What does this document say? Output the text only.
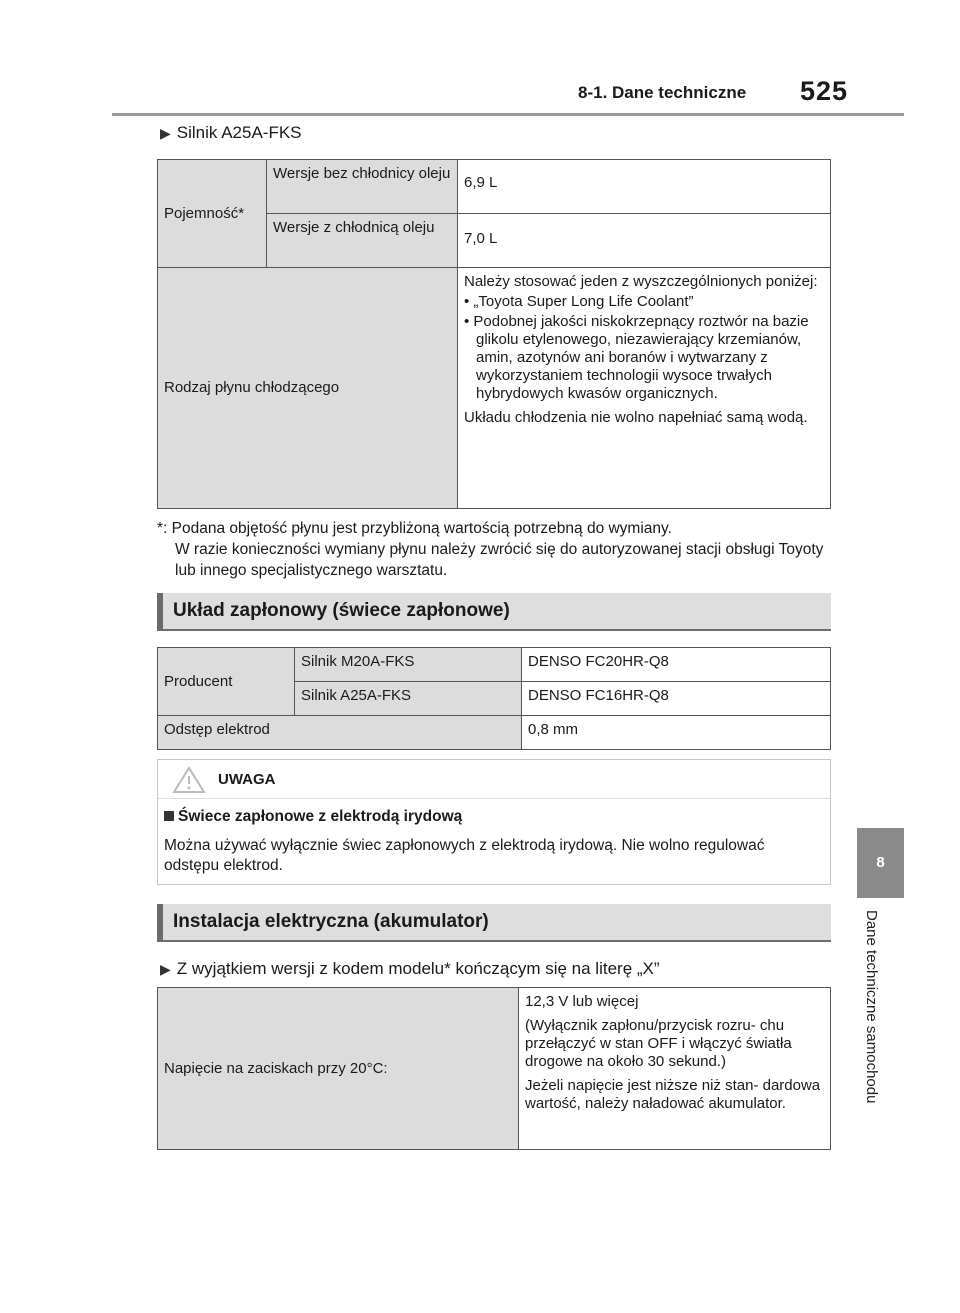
8-1. Dane techniczne 525
8
Dane techniczne samochodu
▶ Silnik A25A-FKS
Pojemność*	Wersje bez chłodnicy oleju	6,9 L
	Wersje z chłodnicą oleju	7,0 L
Rodzaj płynu chłodzącego		Należy stosować jeden z wyszczególnionych poniżej:

• „Toyota Super Long Life Coolant”

• Podobnej jakości niskokrzepnący roztwór na bazie glikolu etylenowego, niezawierający krzemianów, amin, azotynów ani boranów i wytwarzany z wykorzystaniem technologii wysoce trwałych hybrydowych kwasów organicznych.

Układu chłodzenia nie wolno napełniać samą wodą.

*: Podana objętość płynu jest przybliżoną wartością potrzebną do wymiany.
W razie konieczności wymiany płynu należy zwrócić się do autoryzowanej stacji obsługi Toyoty lub innego specjalistycznego warsztatu.
Układ zapłonowy (świece zapłonowe)
Producent	Silnik M20A-FKS	DENSO FC20HR-Q8
	Silnik A25A-FKS	DENSO FC16HR-Q8
Odstęp elektrod		0,8 mm
UWAGA
Świece zapłonowe z elektrodą irydową
Można używać wyłącznie świec zapłonowych z elektrodą irydową. Nie wolno regulować odstępu elektrod.
Instalacja elektryczna (akumulator)
▶ Z wyjątkiem wersji z kodem modelu* kończącym się na literę „X”
Napięcie na zaciskach przy 20°C:	

12,3 V lub więcej

(Wyłącznik zapłonu/przycisk rozru- chu przełączyć w stan OFF i włączyć światła drogowe na około 30 sekund.)

Jeżeli napięcie jest niższe niż stan- dardowa wartość, należy naładować akumulator.
